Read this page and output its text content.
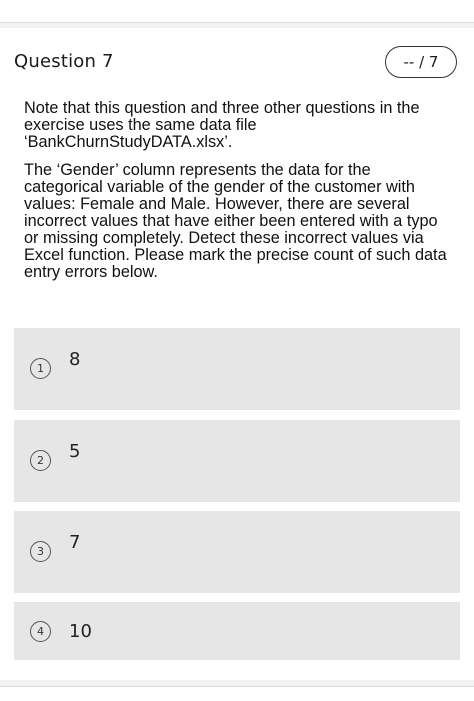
Question 7	-- / 7

Note that this question and three other questions in the exercise uses the same data file ‘BankChurnStudyDATA.xlsx’.

The ‘Gender’ column represents the data for the categorical variable of the gender of the customer with values: Female and Male. However, there are several incorrect values that have either been entered with a typo or missing completely. Detect these incorrect values via Excel function. Please mark the precise count of such data entry errors below.

1	8
2	5
3	7
4	10
